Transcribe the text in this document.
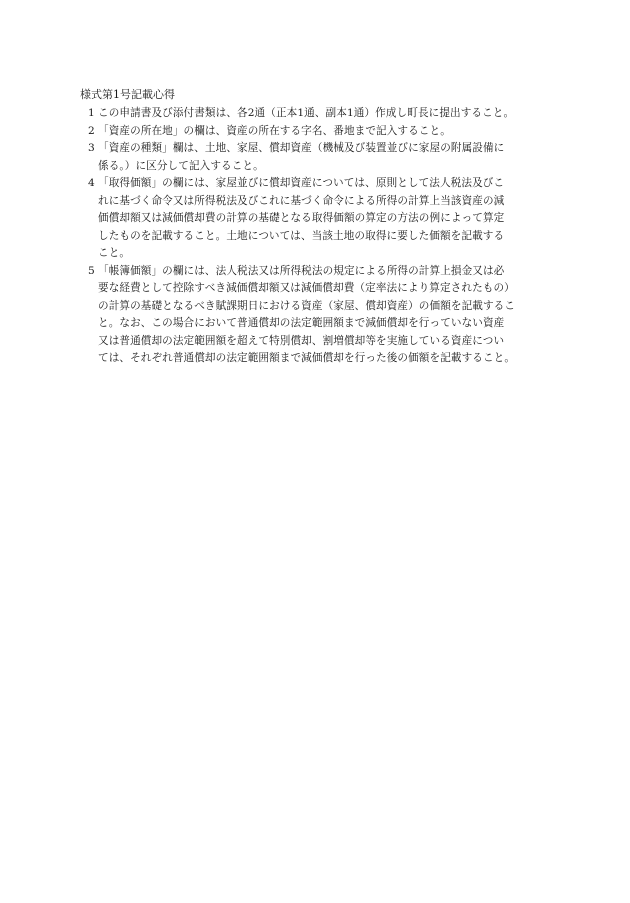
様式第1号記載心得
1 この申請書及び添付書類は、各2通（正本1通、副本1通）作成し町長に提出すること。
2 「資産の所在地」の欄は、資産の所在する字名、番地まで記入すること。
3 「資産の種類」欄は、土地、家屋、償却資産（機械及び装置並びに家屋の附属設備に
係る。）に区分して記入すること。
4 「取得価額」の欄には、家屋並びに償却資産については、原則として法人税法及びこ
れに基づく命令又は所得税法及びこれに基づく命令による所得の計算上当該資産の減
価償却額又は減価償却費の計算の基礎となる取得価額の算定の方法の例によって算定
したものを記載すること。土地については、当該土地の取得に要した価額を記載する
こと。
5 「帳簿価額」の欄には、法人税法又は所得税法の規定による所得の計算上損金又は必
要な経費として控除すべき減価償却額又は減価償却費（定率法により算定されたもの）
の計算の基礎となるべき賦課期日における資産（家屋、償却資産）の価額を記載するこ
と。なお、この場合において普通償却の法定範囲額まで減価償却を行っていない資産
又は普通償却の法定範囲額を超えて特別償却、割増償却等を実施している資産につい
ては、それぞれ普通償却の法定範囲額まで減価償却を行った後の価額を記載すること。
